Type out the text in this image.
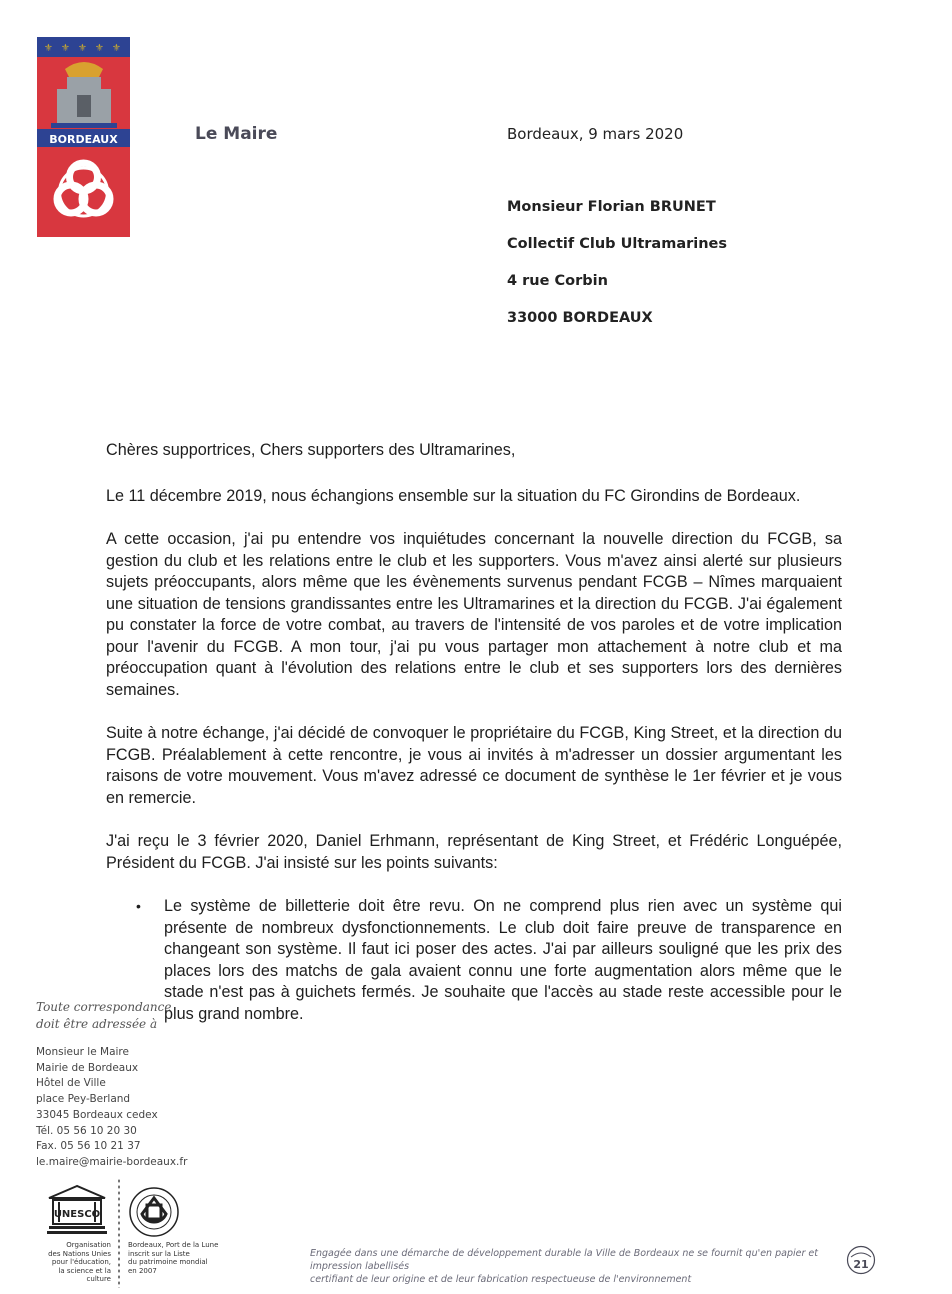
⚜ ⚜ ⚜ ⚜ ⚜
BORDEAUX	Le Maire	Bordeaux, 9 mars 2020
Monsieur Florian BRUNET
Collectif Club Ultramarines
4 rue Corbin
33000 BORDEAUX

Chères supportrices, Chers supporters des Ultramarines,

Le 11 décembre 2019, nous échangions ensemble sur la situation du FC Girondins de Bordeaux.

A cette occasion, j'ai pu entendre vos inquiétudes concernant la nouvelle direction du FCGB, sa gestion du club et les relations entre le club et les supporters. Vous m'avez ainsi alerté sur plusieurs sujets préoccupants, alors même que les évènements survenus pendant FCGB – Nîmes marquaient une situation de tensions grandissantes entre les Ultramarines et la direction du FCGB. J'ai également pu constater la force de votre combat, au travers de l'intensité de vos paroles et de votre implication pour l'avenir du FCGB. A mon tour, j'ai pu vous partager mon attachement à notre club et ma préoccupation quant à l'évolution des relations entre le club et ses supporters lors des dernières semaines.

Suite à notre échange, j'ai décidé de convoquer le propriétaire du FCGB, King Street, et la direction du FCGB. Préalablement à cette rencontre, je vous ai invités à m'adresser un dossier argumentant les raisons de votre mouvement. Vous m'avez adressé ce document de synthèse le 1er février et je vous en remercie.

J'ai reçu le 3 février 2020, Daniel Erhmann, représentant de King Street, et Frédéric Longuépée, Président du FCGB. J'ai insisté sur les points suivants:

• Le système de billetterie doit être revu. On ne comprend plus rien avec un système qui présente de nombreux dysfonctionnements. Le club doit faire preuve de transparence en changeant son système. Il faut ici poser des actes. J'ai par ailleurs souligné que les prix des places lors des matchs de gala avaient connu une forte augmentation alors même que le stade n'est pas à guichets fermés. Je souhaite que l'accès au stade reste accessible pour le plus grand nombre.
Toute correspondance
doit être adressée à
Monsieur le Maire
Mairie de Bordeaux
Hôtel de Ville
place Pey-Berland
33045 Bordeaux cedex
Tél. 05 56 10 20 30
Fax. 05 56 10 21 37
le.maire@mairie-bordeaux.fr
UNESCO
Organisation
des Nations Unies
pour l'éducation,
la science et la culture
Bordeaux, Port de la Lune
inscrit sur la Liste
du patrimoine mondial
en 2007
Engagée dans une démarche de développement durable la Ville de Bordeaux ne se fournit qu'en papier et impression labellisés
certifiant de leur origine et de leur fabrication respectueuse de l'environnement
21
